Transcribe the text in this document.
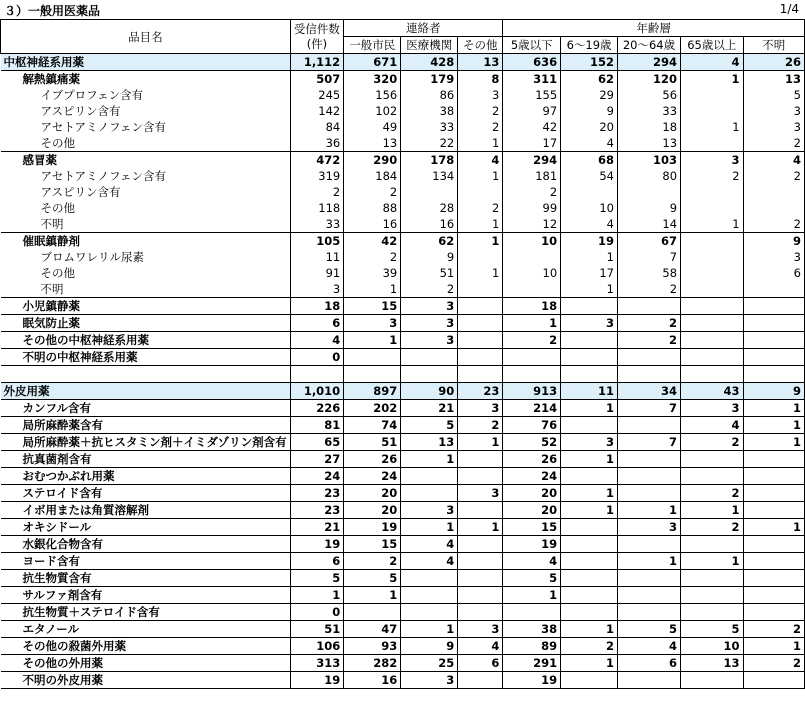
３）一般用医薬品	1/4
品目名	受信件数
(件)	連絡者			年齢層				
		一般市民	医療機関	その他	5歳以下	6～19歳	20～64歳	65歳以上	不明
中枢神経系用薬	1,112	671	428	13	636	152	294	4	26
解熱鎮痛薬	507	320	179	8	311	62	120	1	13
イブプロフェン含有	245	156	86	3	155	29	56		5
アスピリン含有	142	102	38	2	97	9	33		3
アセトアミノフェン含有	84	49	33	2	42	20	18	1	3
その他	36	13	22	1	17	4	13		2
感冒薬	472	290	178	4	294	68	103	3	4
アセトアミノフェン含有	319	184	134	1	181	54	80	2	2
アスピリン含有	2	2			2				
その他	118	88	28	2	99	10	9		
不明	33	16	16	1	12	4	14	1	2
催眠鎮静剤	105	42	62	1	10	19	67		9
ブロムワレリル尿素	11	2	9			1	7		3
その他	91	39	51	1	10	17	58		6
不明	3	1	2			1	2		
小児鎮静薬	18	15	3		18				
眠気防止薬	6	3	3		1	3	2		
その他の中枢神経系用薬	4	1	3		2		2		
不明の中枢神経系用薬	0								

外皮用薬	1,010	897	90	23	913	11	34	43	9
カンフル含有	226	202	21	3	214	1	7	3	1
局所麻酔薬含有	81	74	5	2	76			4	1
局所麻酔薬＋抗ヒスタミン剤＋イミダゾリン剤含有	65	51	13	1	52	3	7	2	1
抗真菌剤含有	27	26	1		26	1			
おむつかぶれ用薬	24	24			24				
ステロイド含有	23	20		3	20	1		2	
イボ用または角質溶解剤	23	20	3		20	1	1	1	
オキシドール	21	19	1	1	15		3	2	1
水銀化合物含有	19	15	4		19				
ヨード含有	6	2	4		4		1	1	
抗生物質含有	5	5			5				
サルファ剤含有	1	1			1				
抗生物質＋ステロイド含有	0								
エタノール	51	47	1	3	38	1	5	5	2
その他の殺菌外用薬	106	93	9	4	89	2	4	10	1
その他の外用薬	313	282	25	6	291	1	6	13	2
不明の外皮用薬	19	16	3		19				
